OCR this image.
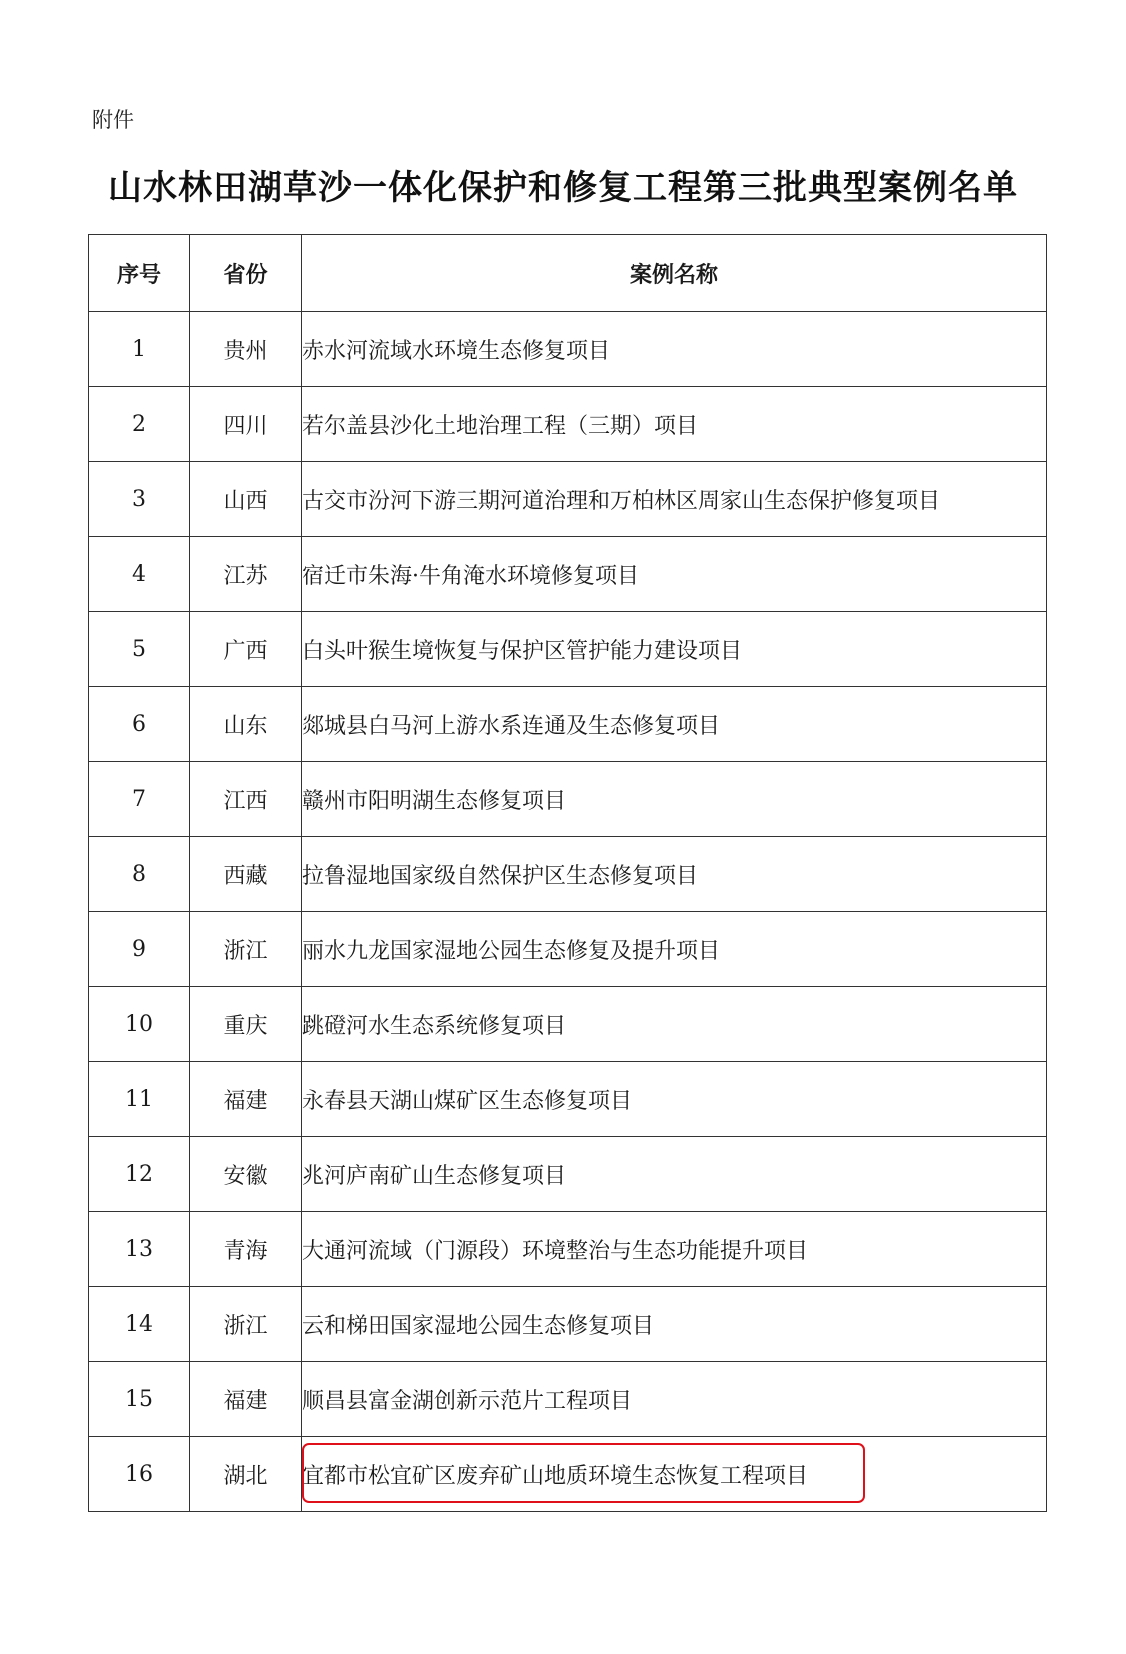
附件
山水林田湖草沙一体化保护和修复工程第三批典型案例名单
序号	省份	案例名称
1	贵州	赤水河流域水环境生态修复项目
2	四川	若尔盖县沙化土地治理工程（三期）项目
3	山西	古交市汾河下游三期河道治理和万柏林区周家山生态保护修复项目
4	江苏	宿迁市朱海·牛角淹水环境修复项目
5	广西	白头叶猴生境恢复与保护区管护能力建设项目
6	山东	郯城县白马河上游水系连通及生态修复项目
7	江西	赣州市阳明湖生态修复项目
8	西藏	拉鲁湿地国家级自然保护区生态修复项目
9	浙江	丽水九龙国家湿地公园生态修复及提升项目
10	重庆	跳磴河水生态系统修复项目
11	福建	永春县天湖山煤矿区生态修复项目
12	安徽	兆河庐南矿山生态修复项目
13	青海	大通河流域（门源段）环境整治与生态功能提升项目
14	浙江	云和梯田国家湿地公园生态修复项目
15	福建	顺昌县富金湖创新示范片工程项目
16	湖北	宜都市松宜矿区废弃矿山地质环境生态恢复工程项目
